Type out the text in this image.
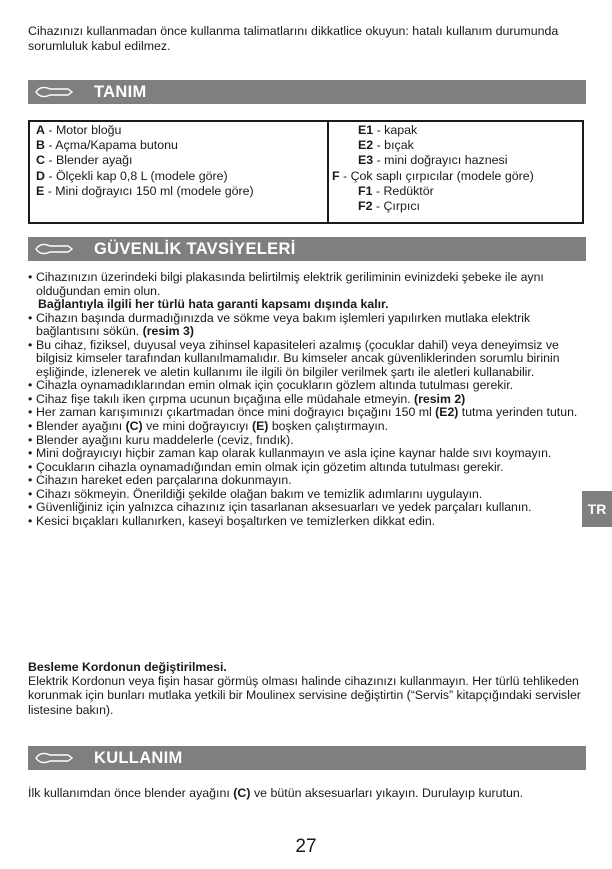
Cihazınızı kullanmadan önce kullanma talimatlarını dikkatlice okuyun: hatalı kullanım durumunda sorumluluk kabul edilmez.
TANIM
A - Motor bloğu
B - Açma/Kapama butonu
C - Blender ayağı
D - Ölçekli kap 0,8 L (modele göre)
E - Mini doğrayıcı 150 ml (modele göre)
E1 - kapak
E2 - bıçak
E3 - mini doğrayıcı haznesi
F - Çok saplı çırpıcılar (modele göre)
F1 - Redüktör
F2 - Çırpıcı
GÜVENLİK TAVSİYELERİ
• Cihazınızın üzerindeki bilgi plakasında belirtilmiş elektrik geriliminin evinizdeki şebeke ile aynı olduğundan emin olun.
Bağlantıyla ilgili her türlü hata garanti kapsamı dışında kalır.
• Cihazın başında durmadığınızda ve sökme veya bakım işlemleri yapılırken mutlaka elektrik bağlantısını sökün. (resim 3)
• Bu cihaz, fiziksel, duyusal veya zihinsel kapasiteleri azalmış (çocuklar dahil) veya deneyimsiz ve bilgisiz kimseler tarafından kullanılmamalıdır. Bu kimseler ancak güvenliklerinden sorumlu birinin eşliğinde, izlenerek ve aletin kullanımı ile ilgili ön bilgiler verilmek şartı ile aletleri kullanabilir.
• Cihazla oynamadıklarından emin olmak için çocukların gözlem altında tutulması gerekir.
• Cihaz fişe takılı iken çırpma ucunun bıçağına elle müdahale etmeyin. (resim 2)
• Her zaman karışımınızı çıkartmadan önce mini doğrayıcı bıçağını 150 ml (E2) tutma yerinden tutun.
• Blender ayağını (C) ve mini doğrayıcıyı (E) boşken çalıştırmayın.
• Blender ayağını kuru maddelerle (ceviz, fındık).
• Mini doğrayıcıyı hiçbir zaman kap olarak kullanmayın ve asla içine kaynar halde sıvı koymayın.
• Çocukların cihazla oynamadığından emin olmak için gözetim altında tutulması gerekir.
• Cihazın hareket eden parçalarına dokunmayın.
• Cihazı sökmeyin. Önerildiği şekilde olağan bakım ve temizlik adımlarını uygulayın.
• Güvenliğiniz için yalnızca cihazınız için tasarlanan aksesuarları ve yedek parçaları kullanın.
• Kesici bıçakları kullanırken, kaseyi boşaltırken ve temizlerken dikkat edin.
Besleme Kordonun değiştirilmesi.
Elektrik Kordonun veya fişin hasar görmüş olması halinde cihazınızı kullanmayın. Her türlü tehlikeden korunmak için bunları mutlaka yetkili bir Moulinex servisine değiştirtin (“Servis” kitapçığındaki servisler listesine bakın).
KULLANIM
İlk kullanımdan önce blender ayağını (C) ve bütün aksesuarları yıkayın. Durulayıp kurutun.
TR
27
